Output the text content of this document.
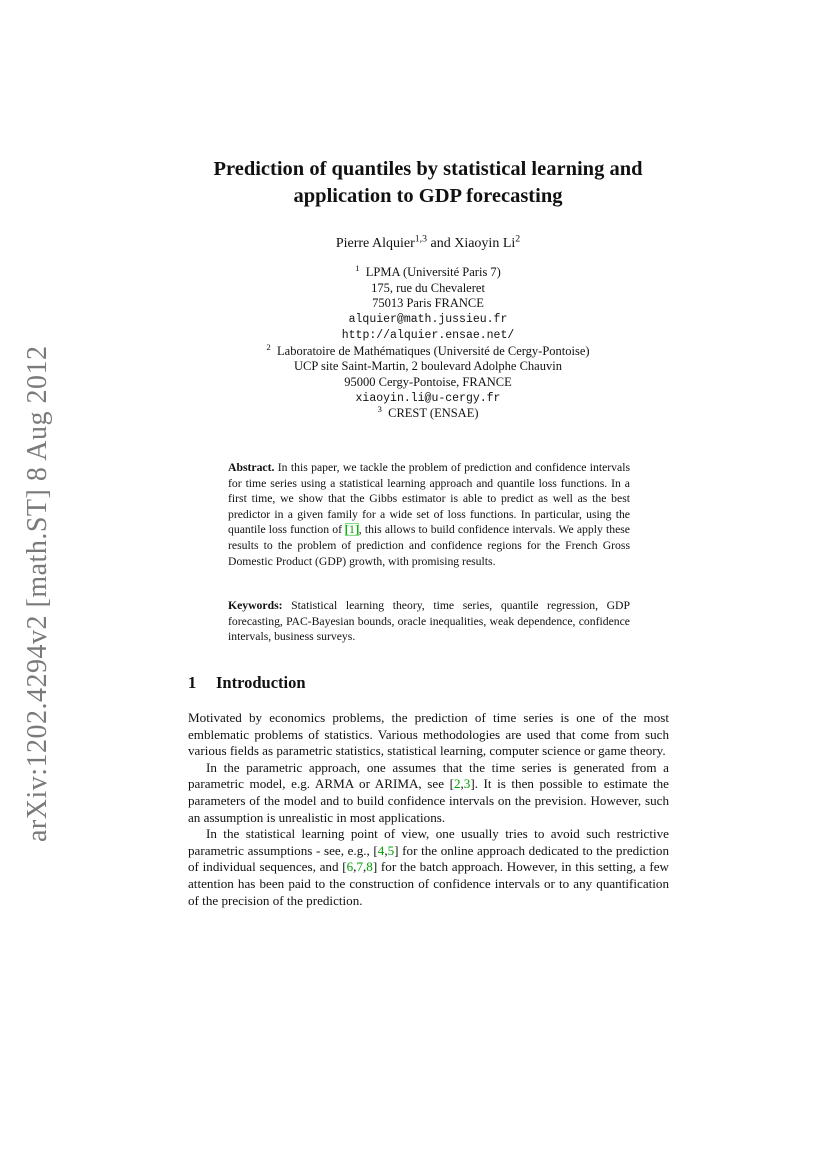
arXiv:1202.4294v2 [math.ST] 8 Aug 2012
Prediction of quantiles by statistical learning and
application to GDP forecasting
Pierre Alquier$^{1,3}$ and Xiaoyin Li$^2$
$^1$ LPMA (Université Paris 7)
175, rue du Chevaleret
75013 Paris FRANCE
alquier@math.jussieu.fr
http://alquier.ensae.net/
$^2$ Laboratoire de Mathématiques (Université de Cergy-Pontoise)
UCP site Saint-Martin, 2 boulevard Adolphe Chauvin
95000 Cergy-Pontoise, FRANCE
xiaoyin.li@u-cergy.fr
$^3$ CREST (ENSAE)

Abstract. In this paper, we tackle the problem of prediction and confidence intervals for time series using a statistical learning approach and quantile loss functions. In a first time, we show that the Gibbs estimator is able to predict as well as the best predictor in a given family for a wide set of loss functions. In particular, using the quantile loss function of [1], this allows to build confidence intervals. We apply these results to the problem of prediction and confidence regions for the French Gross Domestic Product (GDP) growth, with promising results.

Keywords: Statistical learning theory, time series, quantile regression, GDP forecasting, PAC-Bayesian bounds, oracle inequalities, weak dependence, confidence intervals, business surveys.

1 Introduction

Motivated by economics problems, the prediction of time series is one of the most emblematic problems of statistics. Various methodologies are used that come from such various fields as parametric statistics, statistical learning, computer science or game theory.

In the parametric approach, one assumes that the time series is generated from a parametric model, e.g. ARMA or ARIMA, see [2,3]. It is then possible to estimate the parameters of the model and to build confidence intervals on the prevision. However, such an assumption is unrealistic in most applications.

In the statistical learning point of view, one usually tries to avoid such restrictive parametric assumptions - see, e.g., [4,5] for the online approach dedicated to the prediction of individual sequences, and [6,7,8] for the batch approach. However, in this setting, a few attention has been paid to the construction of confidence intervals or to any quantification of the precision of the prediction.
